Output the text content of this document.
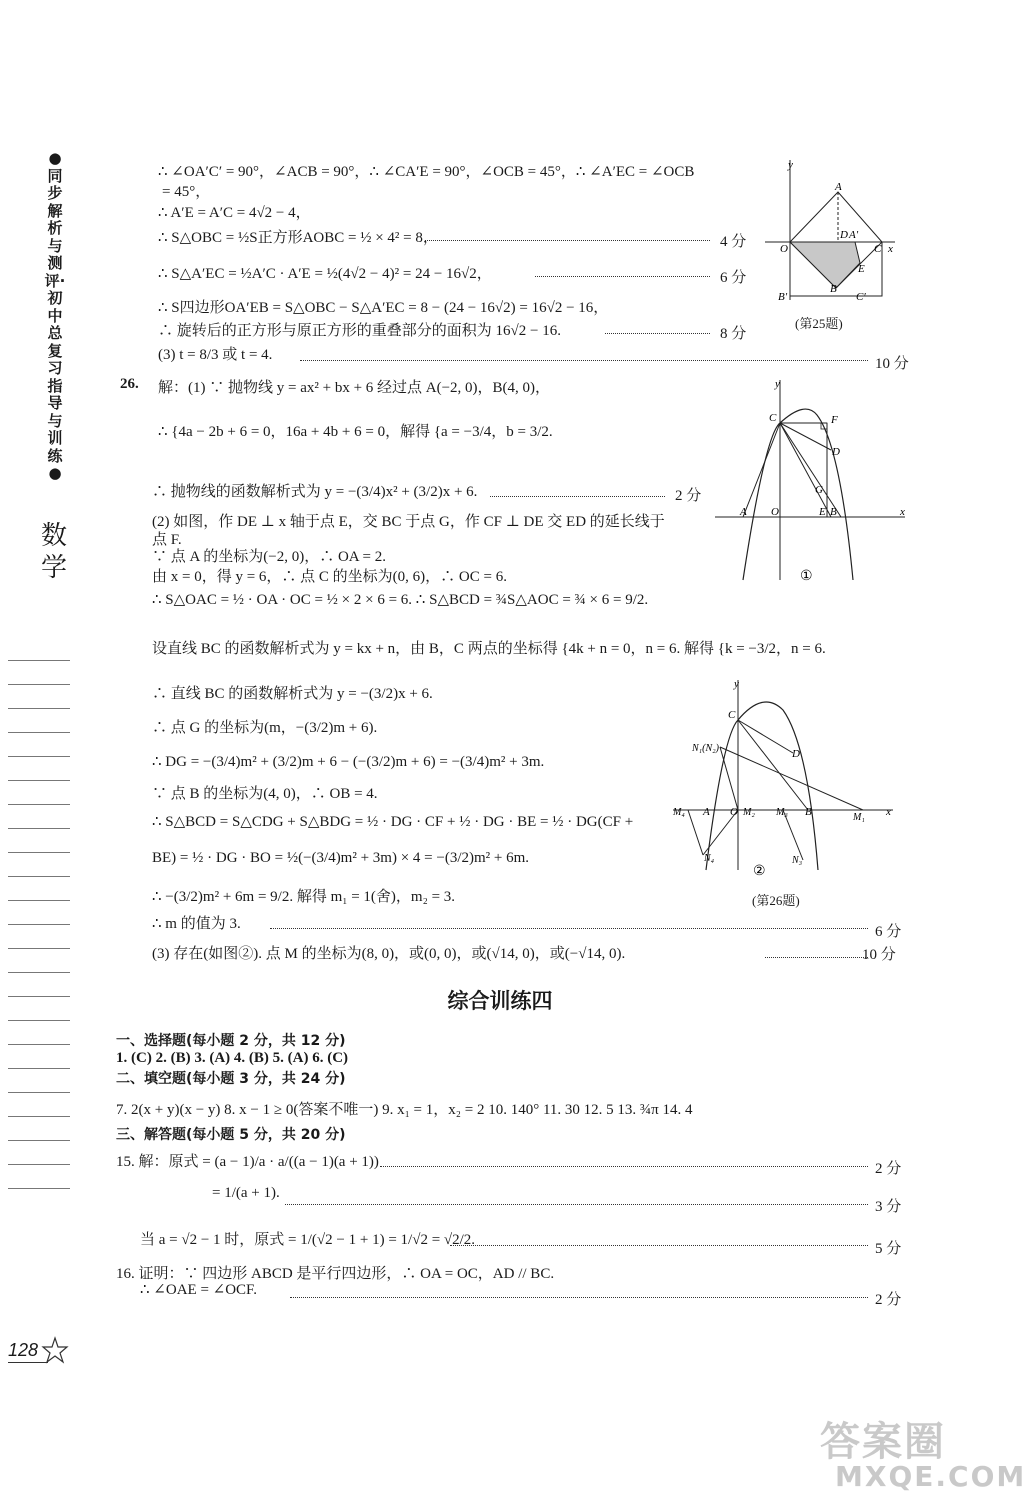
●同步解析与测评·初中总复习指导与训练●
数学
∴ ∠OA′C′ = 90°，∠ACB = 90°，∴ ∠CA′E = 90°，∠OCB = 45°，∴ ∠A′EC = ∠OCB
= 45°，
∴ A′E = A′C = 4√2 − 4，
∴ S△OBC = ½S正方形AOBC = ½ × 4² = 8，	4 分
∴ S△A′EC = ½A′C · A′E = ½(4√2 − 4)² = 24 − 16√2，	6 分
∴ S四边形OA′EB = S△OBC − S△A′EC = 8 − (24 − 16√2) = 16√2 − 16，
∴ 旋转后的正方形与原正方形的重叠部分的面积为 16√2 − 16.	8 分
(3) t = 8/3 或 t = 4.
10 分
y
A
D A′
O	C x
E
B′
B
C′
(第25题)
26. 解：(1) ∵ 抛物线 y = ax² + bx + 6 经过点 A(−2, 0)，B(4, 0)，
∴ {4a − 2b + 6 = 0，16a + 4b + 6 = 0，解得 {a = −3/4，b = 3/2.
∴ 抛物线的函数解析式为 y = −(3/4)x² + (3/2)x + 6.	2 分
(2) 如图，作 DE ⊥ x 轴于点 E，交 BC 于点 G，作 CF ⊥ DE 交 ED 的延长线于
点 F.
∵ 点 A 的坐标为(−2, 0)，∴ OA = 2.
由 x = 0，得 y = 6，∴ 点 C 的坐标为(0, 6)，∴ OC = 6.
∴ S△OAC = ½ · OA · OC = ½ × 2 × 6 = 6. ∴ S△BCD = ¾S△AOC = ¾ × 6 = 9/2.
设直线 BC 的函数解析式为 y = kx + n，由 B，C 两点的坐标得 {4k + n = 0，n = 6. 解得 {k = −3/2，n = 6.
∴ 直线 BC 的函数解析式为 y = −(3/2)x + 6.
∴ 点 G 的坐标为(m，−(3/2)m + 6).
∴ DG = −(3/4)m² + (3/2)m + 6 − (−(3/2)m + 6) = −(3/4)m² + 3m.
∵ 点 B 的坐标为(4, 0)，∴ OB = 4.
∴ S△BCD = S△CDG + S△BDG = ½ · DG · CF + ½ · DG · BE = ½ · DG(CF +
BE) = ½ · DG · BO = ½(−(3/4)m² + 3m) × 4 = −(3/2)m² + 6m.
∴ −(3/2)m² + 6m = 9/2. 解得 m₁ = 1(舍)，m₂ = 3.
∴ m 的值为 3.	6 分
(3) 存在(如图②). 点 M 的坐标为(8, 0)，或(0, 0)，或(√14, 0)，或(−√14, 0).	10 分
y
C	F
D
G
A O	E B	x
①
y
C
N₁(N₂)	D
M₄ A O M₂ M₃ B	M₁ x
N₄	N₃
②
(第26题)
综合训练四
一、选择题(每小题 2 分，共 12 分)
1. (C) 2. (B) 3. (A) 4. (B) 5. (A) 6. (C)
二、填空题(每小题 3 分，共 24 分)
7. 2(x + y)(x − y) 8. x − 1 ≥ 0(答案不唯一) 9. x₁ = 1，x₂ = 2 10. 140° 11. 30 12. 5 13. ¾π 14. 4
三、解答题(每小题 5 分，共 20 分)
15. 解：原式 = (a − 1)/a · a/((a − 1)(a + 1))	2 分
= 1/(a + 1).
3 分
当 a = √2 − 1 时，原式 = 1/(√2 − 1 + 1) = 1/√2 = √2/2.
5 分
16. 证明：∵ 四边形 ABCD 是平行四边形，∴ OA = OC，AD // BC.
∴ ∠OAE = ∠OCF.
2 分
128
答案圈
MXQE.COM
